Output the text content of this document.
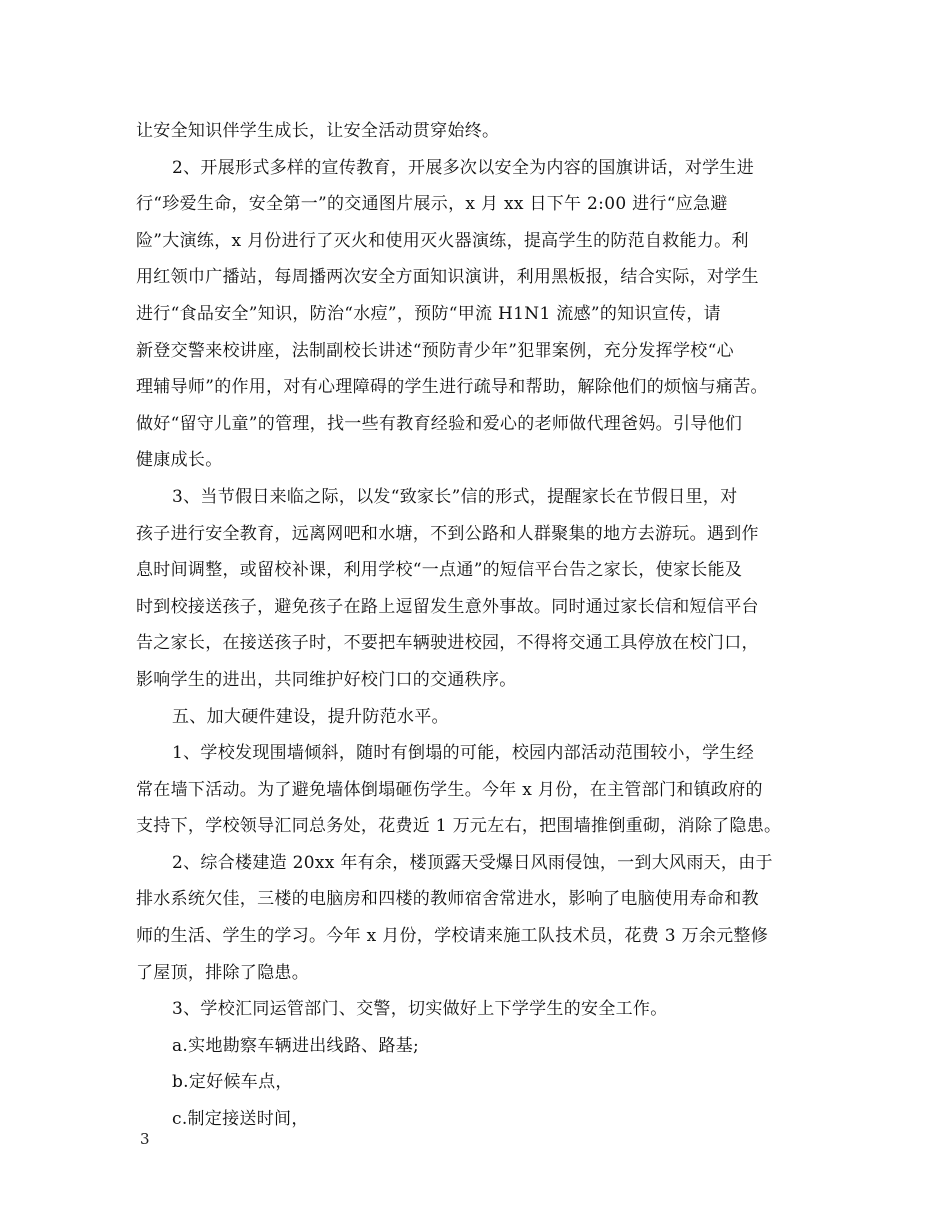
让安全知识伴学生成长，让安全活动贯穿始终。
2、开展形式多样的宣传教育，开展多次以安全为内容的国旗讲话，对学生进
行“珍爱生命，安全第一”的交通图片展示，x 月 xx 日下午 2:00 进行“应急避
险”大演练，x 月份进行了灭火和使用灭火器演练，提高学生的防范自救能力。利
用红领巾广播站，每周播两次安全方面知识演讲，利用黑板报，结合实际，对学生
进行“食品安全”知识，防治“水痘”，预防“甲流 H1N1 流感”的知识宣传，请
新登交警来校讲座，法制副校长讲述“预防青少年”犯罪案例，充分发挥学校“心
理辅导师”的作用，对有心理障碍的学生进行疏导和帮助，解除他们的烦恼与痛苦。
做好“留守儿童”的管理，找一些有教育经验和爱心的老师做代理爸妈。引导他们
健康成长。
3、当节假日来临之际，以发“致家长”信的形式，提醒家长在节假日里，对
孩子进行安全教育，远离网吧和水塘，不到公路和人群聚集的地方去游玩。遇到作
息时间调整，或留校补课，利用学校“一点通”的短信平台告之家长，使家长能及
时到校接送孩子，避免孩子在路上逗留发生意外事故。同时通过家长信和短信平台
告之家长，在接送孩子时，不要把车辆驶进校园，不得将交通工具停放在校门口，
影响学生的进出，共同维护好校门口的交通秩序。
五、加大硬件建设，提升防范水平。
1、学校发现围墙倾斜，随时有倒塌的可能，校园内部活动范围较小，学生经
常在墙下活动。为了避免墙体倒塌砸伤学生。今年 x 月份，在主管部门和镇政府的
支持下，学校领导汇同总务处，花费近 1 万元左右，把围墙推倒重砌，消除了隐患。
2、综合楼建造 20xx 年有余，楼顶露天受爆日风雨侵蚀，一到大风雨天，由于
排水系统欠佳，三楼的电脑房和四楼的教师宿舍常进水，影响了电脑使用寿命和教
师的生活、学生的学习。今年 x 月份，学校请来施工队技术员，花费 3 万余元整修
了屋顶，排除了隐患。
3、学校汇同运管部门、交警，切实做好上下学学生的安全工作。
a.实地勘察车辆进出线路、路基;
b.定好候车点，
c.制定接送时间，
3
